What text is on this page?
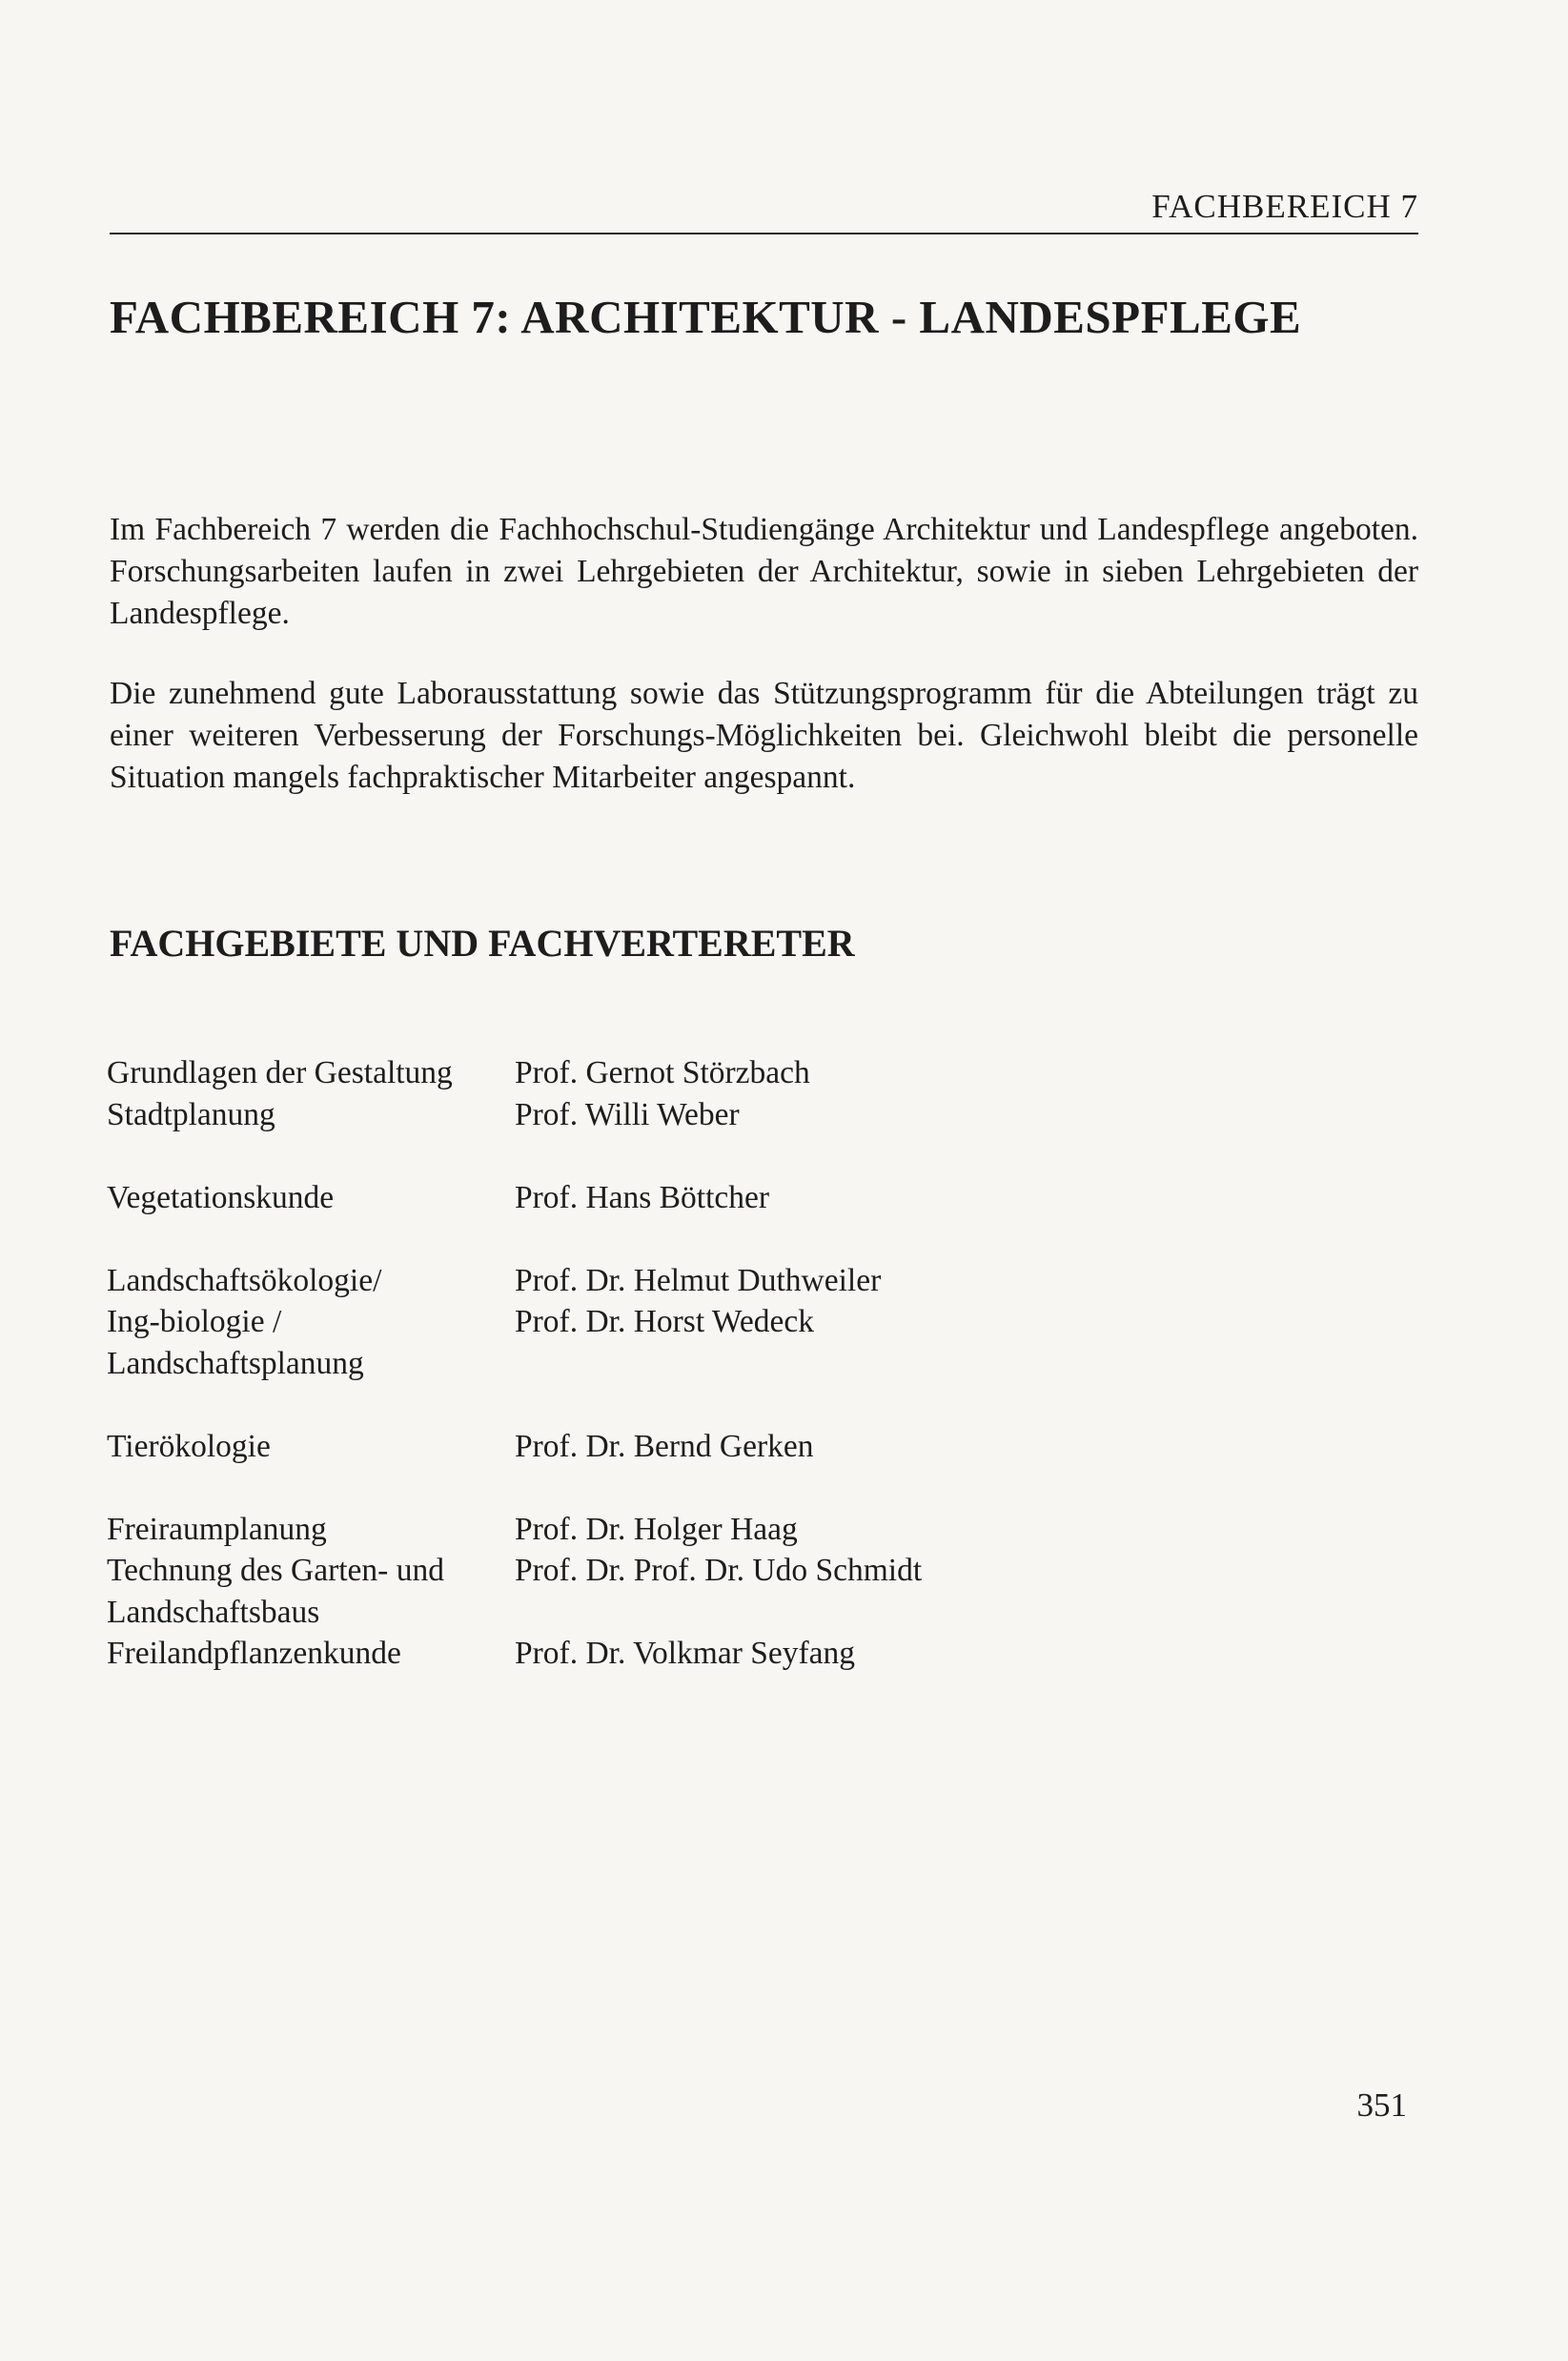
FACHBEREICH 7
FACHBEREICH 7: ARCHITEKTUR - LANDESPFLEGE

Im Fachbereich 7 werden die Fachhochschul-Studiengänge Architektur und Landespflege angeboten. Forschungsarbeiten laufen in zwei Lehrgebieten der Architektur, sowie in sieben Lehrgebieten der Landespflege.

Die zunehmend gute Laborausstattung sowie das Stützungsprogramm für die Abteilungen trägt zu einer weiteren Verbesserung der Forschungs-Möglichkeiten bei. Gleichwohl bleibt die personelle Situation mangels fachpraktischer Mitarbeiter angespannt.

FACHGEBIETE UND FACHVERTERETER
Grundlagen der Gestaltung
Stadtplanung
Prof. Gernot Störzbach
Prof. Willi Weber
Vegetationskunde	Prof. Hans Böttcher
Landschaftsökologie/
Ing-biologie /
Landschaftsplanung
Prof. Dr. Helmut Duthweiler
Prof. Dr. Horst Wedeck
Tierökologie	Prof. Dr. Bernd Gerken
Freiraumplanung
Technung des Garten- und
Landschaftsbaus
Freilandpflanzenkunde
Prof. Dr. Holger Haag
Prof. Dr. Prof. Dr. Udo Schmidt

Prof. Dr. Volkmar Seyfang
351
